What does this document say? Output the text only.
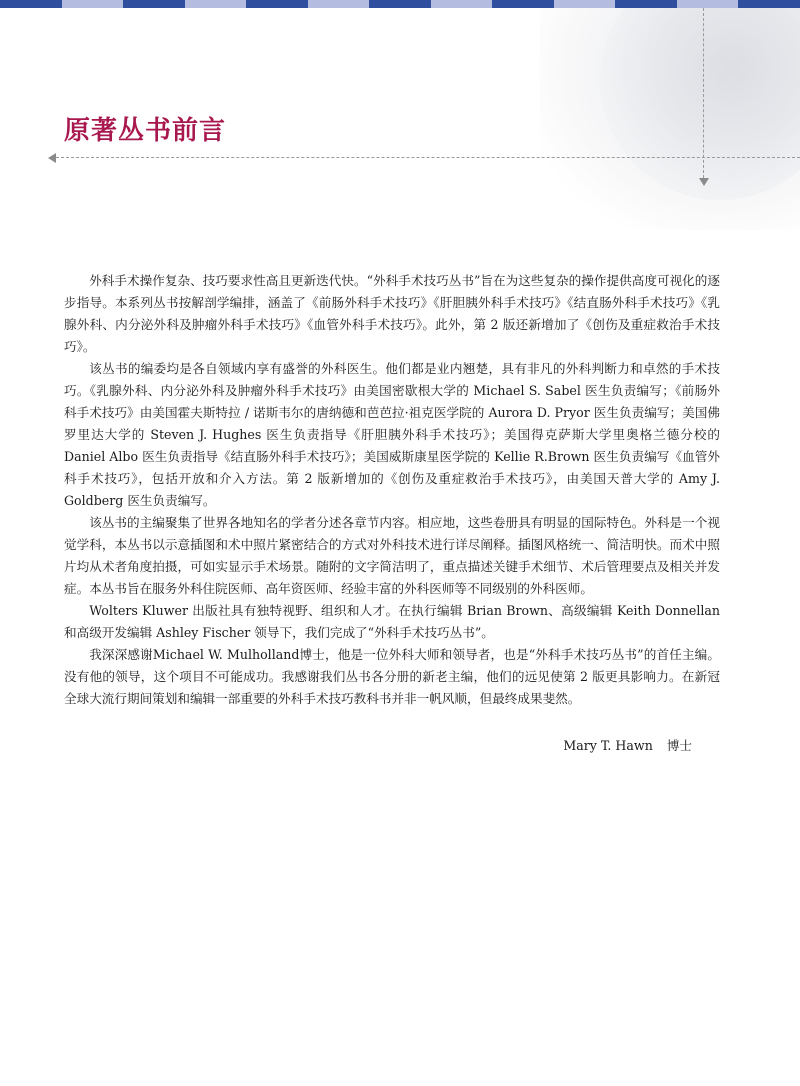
原著丛书前言

外科手术操作复杂、技巧要求性高且更新迭代快。“外科手术技巧丛书”旨在为这些复杂的操作提供高度可视化的逐步指导。本系列丛书按解剖学编排，涵盖了《前肠外科手术技巧》《肝胆胰外科手术技巧》《结直肠外科手术技巧》《乳腺外科、内分泌外科及肿瘤外科手术技巧》《血管外科手术技巧》。此外，第 2 版还新增加了《创伤及重症救治手术技巧》。

该丛书的编委均是各自领域内享有盛誉的外科医生。他们都是业内翘楚，具有非凡的外科判断力和卓然的手术技巧。《乳腺外科、内分泌外科及肿瘤外科手术技巧》由美国密歇根大学的 Michael S. Sabel 医生负责编写；《前肠外科手术技巧》由美国霍夫斯特拉 / 诺斯韦尔的唐纳德和芭芭拉·祖克医学院的 Aurora D. Pryor 医生负责编写；美国佛罗里达大学的 Steven J. Hughes 医生负责指导《肝胆胰外科手术技巧》；美国得克萨斯大学里奥格兰德分校的 Daniel Albo 医生负责指导《结直肠外科手术技巧》；美国威斯康星医学院的 Kellie R.Brown 医生负责编写《血管外科手术技巧》，包括开放和介入方法。第 2 版新增加的《创伤及重症救治手术技巧》，由美国天普大学的 Amy J. Goldberg 医生负责编写。

该丛书的主编聚集了世界各地知名的学者分述各章节内容。相应地，这些卷册具有明显的国际特色。外科是一个视觉学科，本丛书以示意插图和术中照片紧密结合的方式对外科技术进行详尽阐释。插图风格统一、简洁明快。而术中照片均从术者角度拍摄，可如实显示手术场景。随附的文字简洁明了，重点描述关键手术细节、术后管理要点及相关并发症。本丛书旨在服务外科住院医师、高年资医师、经验丰富的外科医师等不同级别的外科医师。

Wolters Kluwer 出版社具有独特视野、组织和人才。在执行编辑 Brian Brown、高级编辑 Keith Donnellan 和高级开发编辑 Ashley Fischer 领导下，我们完成了“外科手术技巧丛书”。

我深深感谢Michael W. Mulholland博士，他是一位外科大师和领导者，也是“外科手术技巧丛书”的首任主编。没有他的领导，这个项目不可能成功。我感谢我们丛书各分册的新老主编，他们的远见使第 2 版更具影响力。在新冠全球大流行期间策划和编辑一部重要的外科手术技巧教科书并非一帆风顺，但最终成果斐然。

Mary T. Hawn 博士
